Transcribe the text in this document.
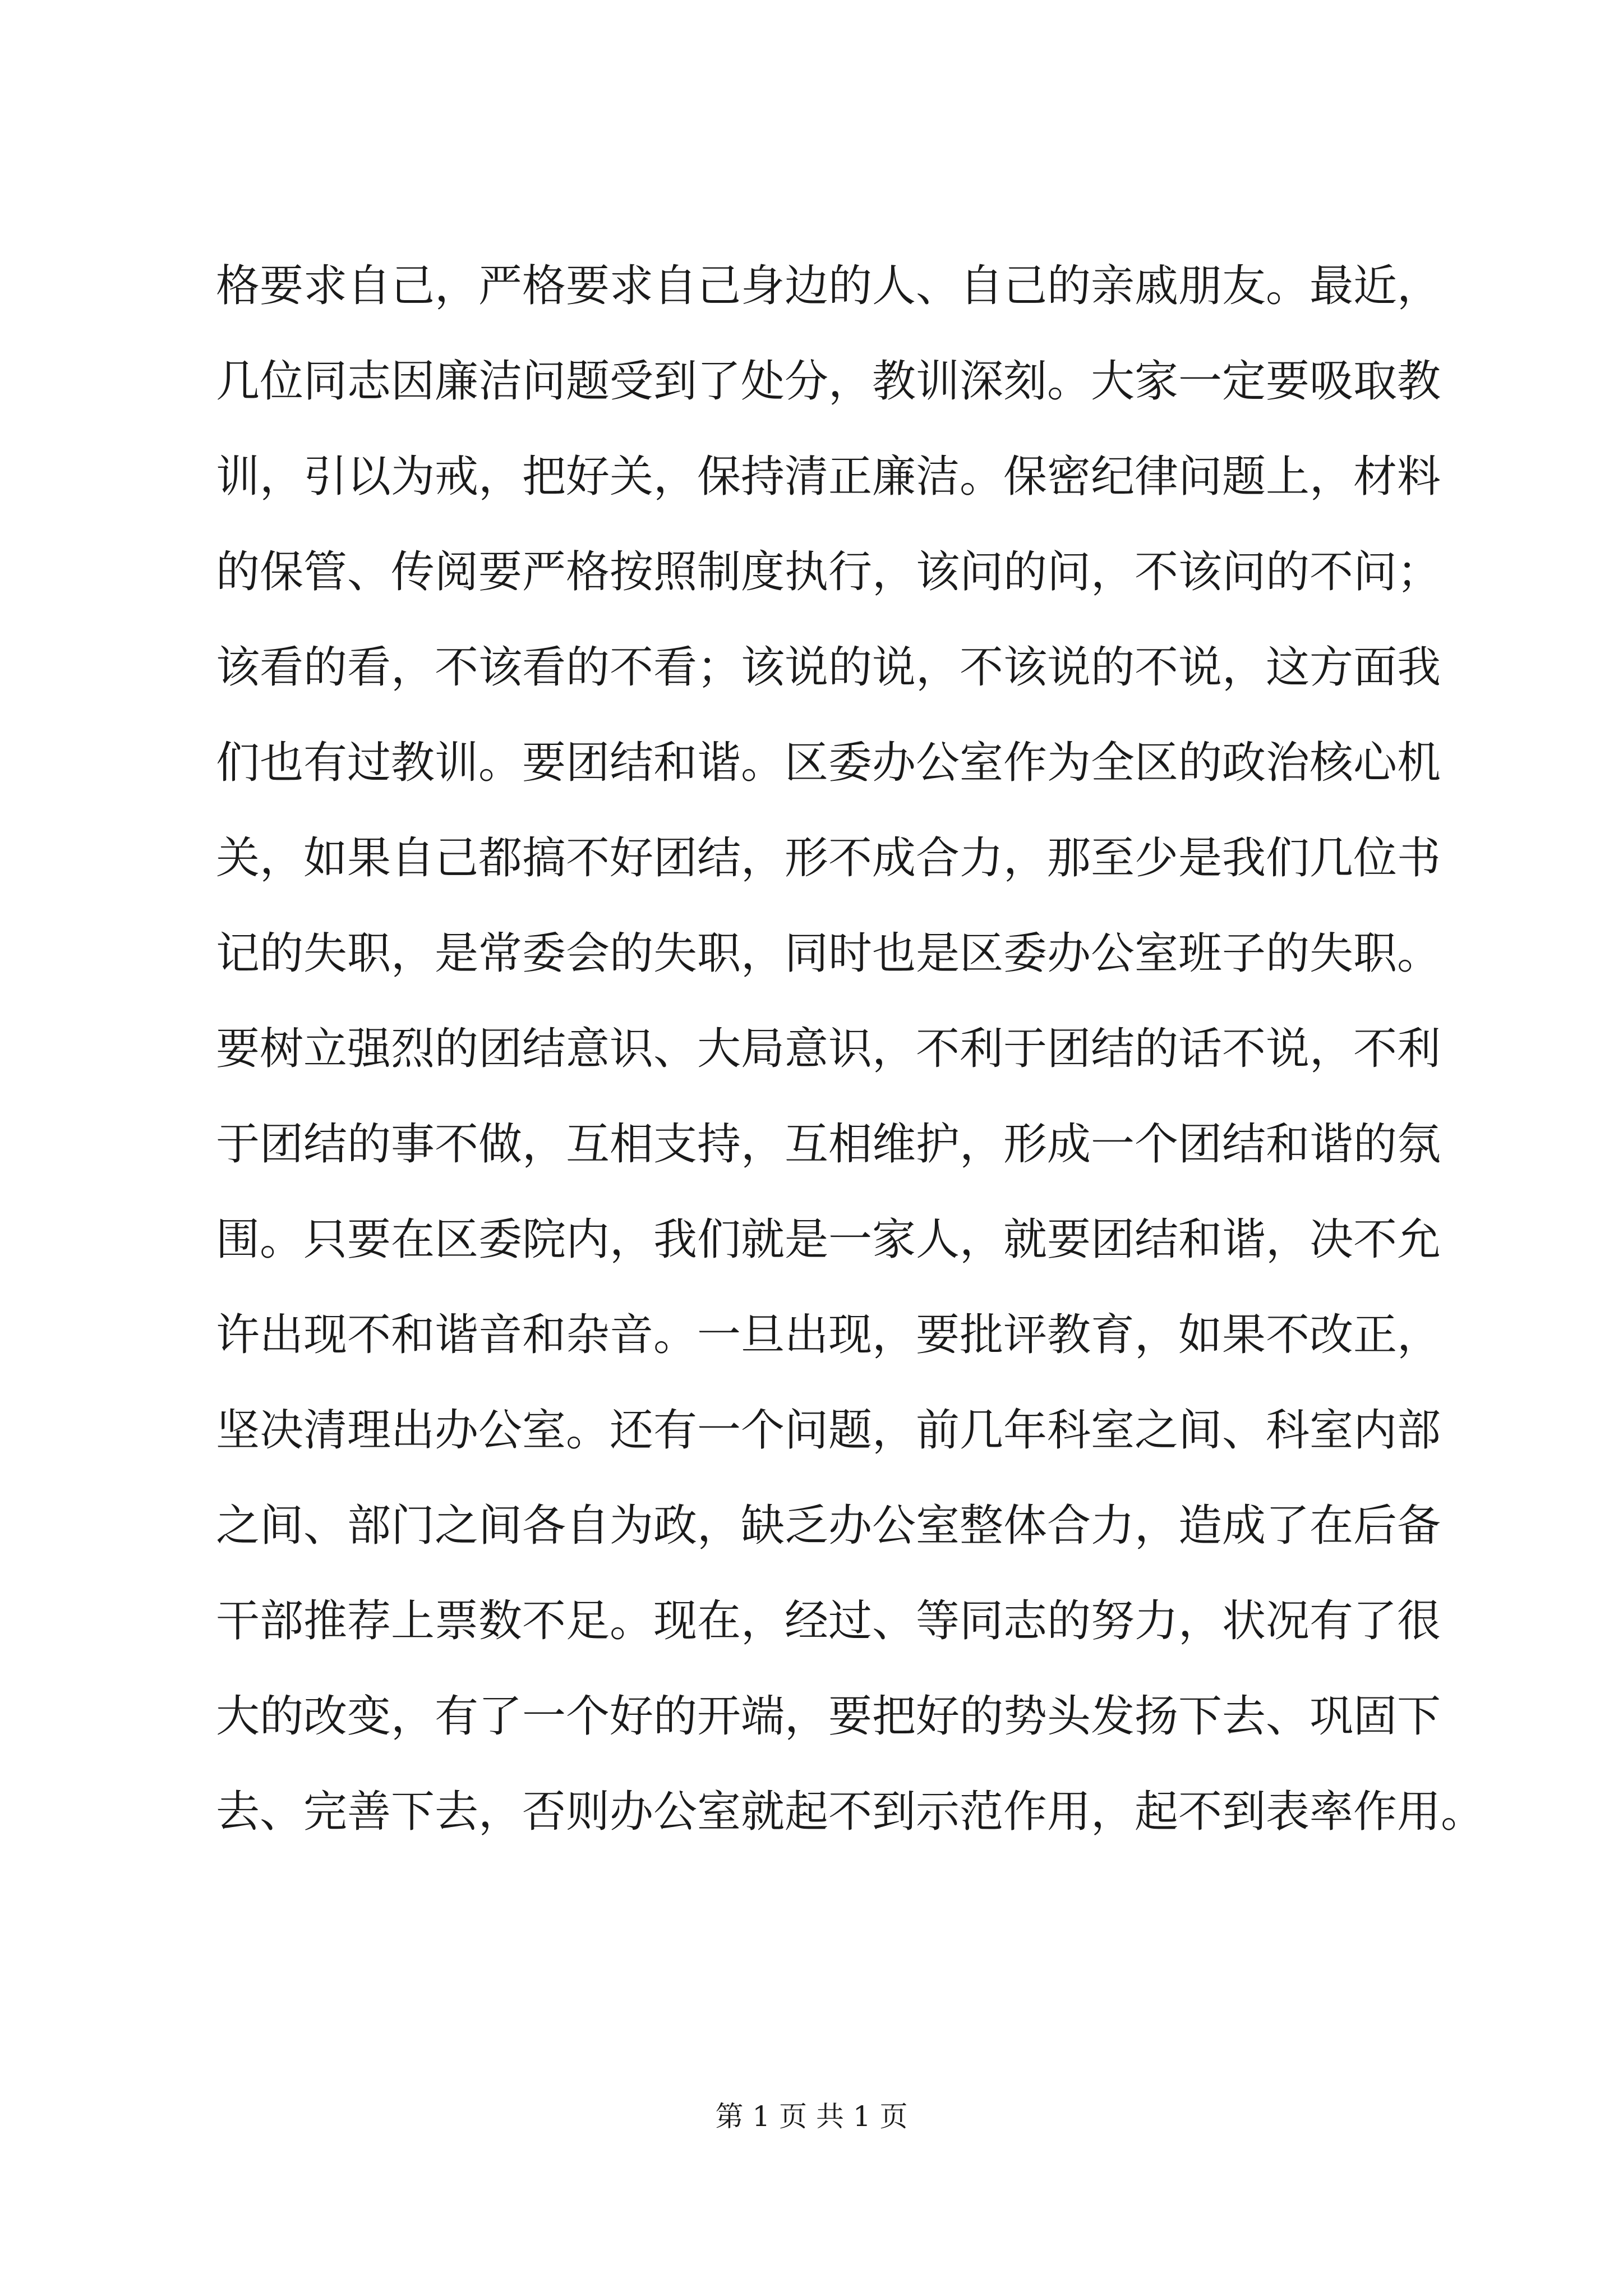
格要求自己，严格要求自己身边的人、自己的亲戚朋友。最近，
几位同志因廉洁问题受到了处分，教训深刻。大家一定要吸取教
训，引以为戒，把好关，保持清正廉洁。保密纪律问题上，材料
的保管、传阅要严格按照制度执行，该问的问，不该问的不问；
该看的看，不该看的不看；该说的说，不该说的不说，这方面我
们也有过教训。要团结和谐。区委办公室作为全区的政治核心机
关，如果自己都搞不好团结，形不成合力，那至少是我们几位书
记的失职，是常委会的失职，同时也是区委办公室班子的失职。
要树立强烈的团结意识、大局意识，不利于团结的话不说，不利
于团结的事不做，互相支持，互相维护，形成一个团结和谐的氛
围。只要在区委院内，我们就是一家人，就要团结和谐，决不允
许出现不和谐音和杂音。一旦出现，要批评教育，如果不改正，
坚决清理出办公室。还有一个问题，前几年科室之间、科室内部
之间、部门之间各自为政，缺乏办公室整体合力，造成了在后备
干部推荐上票数不足。现在，经过、等同志的努力，状况有了很
大的改变，有了一个好的开端，要把好的势头发扬下去、巩固下
去、完善下去，否则办公室就起不到示范作用，起不到表率作用。
第 1 页 共 1 页
